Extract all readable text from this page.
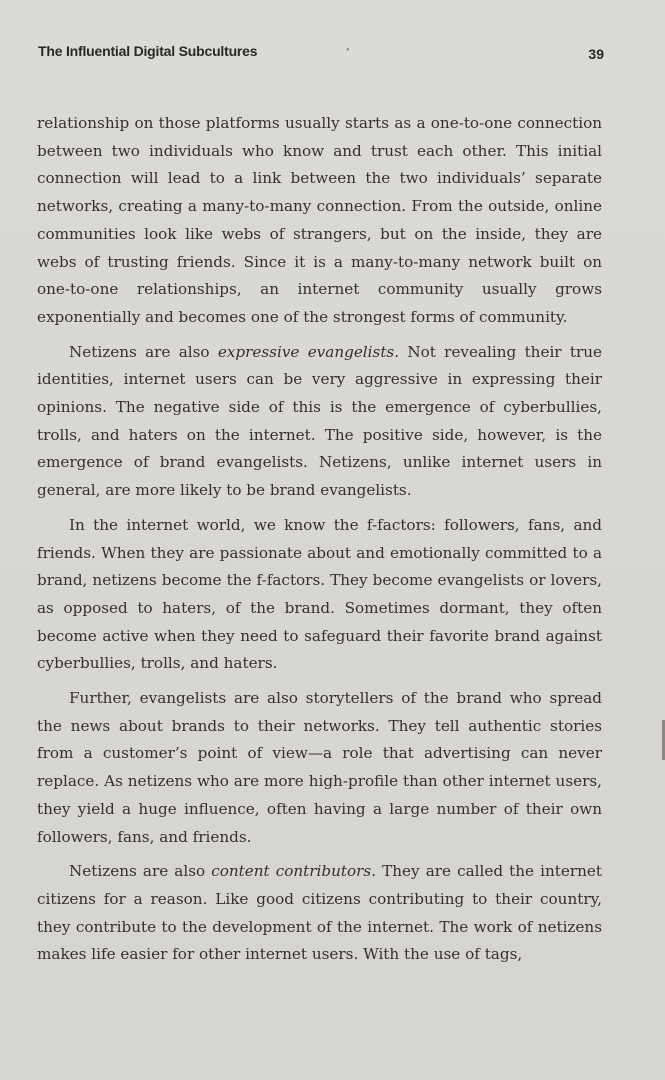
The Influential Digital Subcultures	•	39

relationship on those platforms usually starts as a one-to-one connection between two individuals who know and trust each other. This initial connection will lead to a link between the two individuals’ separate networks, creating a many-to-many connection. From the outside, online communities look like webs of strangers, but on the inside, they are webs of trusting friends. Since it is a many-to-many network built on one-to-one relationships, an internet community usually grows exponentially and becomes one of the strongest forms of community.

Netizens are also expressive evangelists. Not revealing their true identities, internet users can be very aggressive in expressing their opinions. The negative side of this is the emergence of cyberbullies, trolls, and haters on the internet. The positive side, however, is the emergence of brand evangelists. Netizens, unlike internet users in general, are more likely to be brand evangelists.

In the internet world, we know the f-factors: followers, fans, and friends. When they are passionate about and emotionally committed to a brand, netizens become the f-factors. They become evangelists or lovers, as opposed to haters, of the brand. Sometimes dormant, they often become active when they need to safeguard their favorite brand against cyberbullies, trolls, and haters.

Further, evangelists are also storytellers of the brand who spread the news about brands to their networks. They tell authentic stories from a customer’s point of view—a role that advertising can never replace. As netizens who are more high-profile than other internet users, they yield a huge influence, often having a large number of their own followers, fans, and friends.

Netizens are also content contributors. They are called the internet citizens for a reason. Like good citizens contributing to their country, they contribute to the development of the internet. The work of netizens makes life easier for other internet users. With the use of tags,
